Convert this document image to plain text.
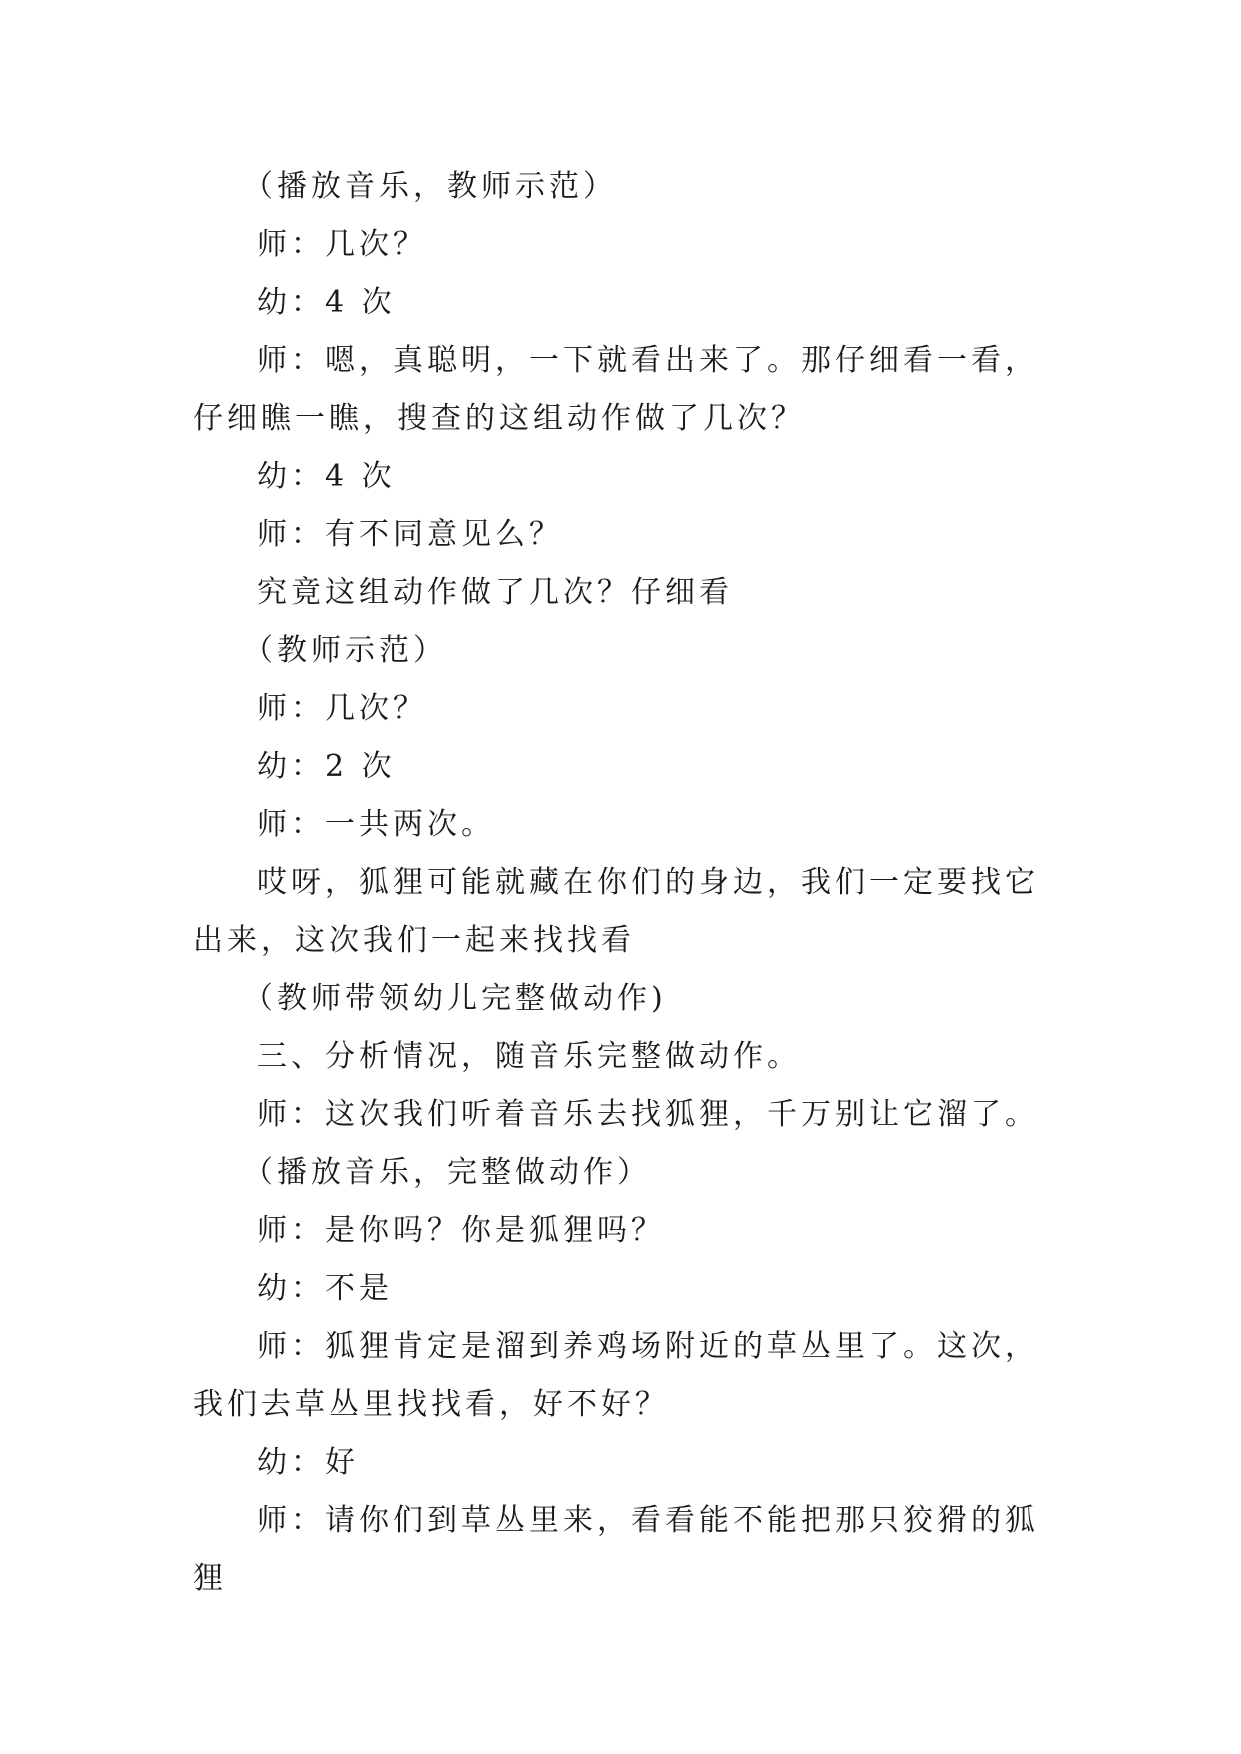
（播放音乐，教师示范）

师：几次？

幼：4 次

师：嗯，真聪明，一下就看出来了。那仔细看一看，仔细瞧一瞧，搜查的这组动作做了几次？

幼：4 次

师：有不同意见么？

究竟这组动作做了几次？仔细看

（教师示范）

师：几次？

幼：2 次

师：一共两次。

哎呀，狐狸可能就藏在你们的身边，我们一定要找它出来，这次我们一起来找找看

（教师带领幼儿完整做动作)

三、分析情况，随音乐完整做动作。

师：这次我们听着音乐去找狐狸，千万别让它溜了。

（播放音乐，完整做动作）

师：是你吗？你是狐狸吗？

幼：不是

师：狐狸肯定是溜到养鸡场附近的草丛里了。这次，我们去草丛里找找看，好不好？

幼：好

师：请你们到草丛里来，看看能不能把那只狡猾的狐狸
